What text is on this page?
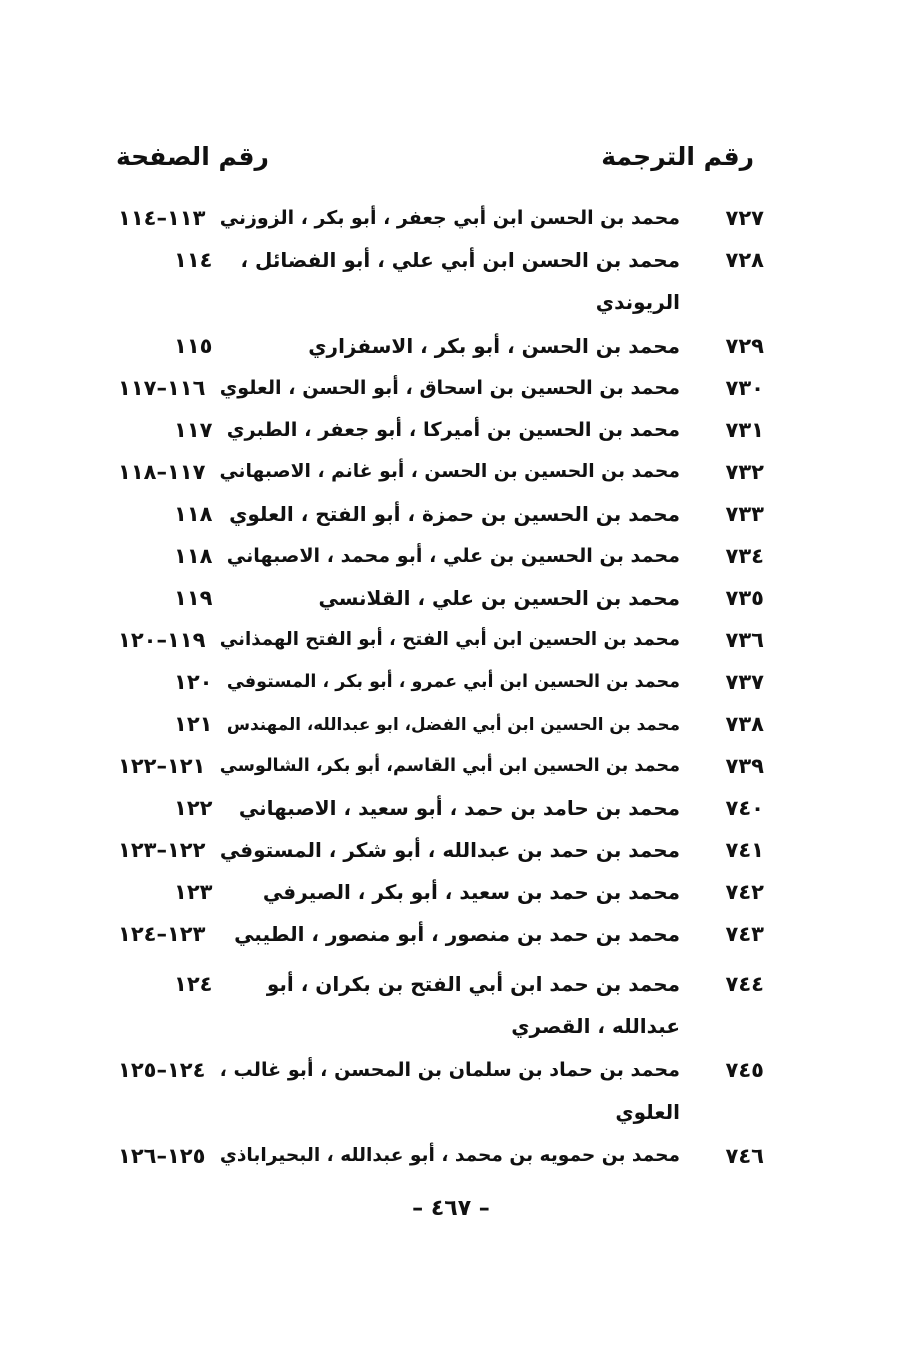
رقم الترجمة
رقم الصفحة
٧٢٧
محمد بن الحسن ابن أبي جعفر ، أبو بكر ، الزوزني
١١٣–١١٤
٧٢٨
محمد بن الحسن ابن أبي علي ، أبو الفضائل ،
الريوندي
١١٤
٧٢٩
محمد بن الحسن ، أبو بكر ، الاسفزاري
١١٥
٧٣٠
محمد بن الحسين بن اسحاق ، أبو الحسن ، العلوي
١١٦–١١٧
٧٣١
محمد بن الحسين بن أميركا ، أبو جعفر ، الطبري
١١٧
٧٣٢
محمد بن الحسين بن الحسن ، أبو غانم ، الاصبهاني
١١٧–١١٨
٧٣٣
محمد بن الحسين بن حمزة ، أبو الفتح ، العلوي
١١٨
٧٣٤
محمد بن الحسين بن علي ، أبو محمد ، الاصبهاني
١١٨
٧٣٥
محمد بن الحسين بن علي ، القلانسي
١١٩
٧٣٦
محمد بن الحسين ابن أبي الفتح ، أبو الفتح الهمذاني
١١٩–١٢٠
٧٣٧
محمد بن الحسين ابن أبي عمرو ، أبو بكر ، المستوفي
١٢٠
٧٣٨
محمد بن الحسين ابن أبي الفضل، ابو عبدالله، المهندس
١٢١
٧٣٩
محمد بن الحسين ابن أبي القاسم، أبو بكر، الشالوسي
١٢١–١٢٢
٧٤٠
محمد بن حامد بن حمد ، أبو سعيد ، الاصبهاني
١٢٢
٧٤١
محمد بن حمد بن عبدالله ، أبو شكر ، المستوفي
١٢٢–١٢٣
٧٤٢
محمد بن حمد بن سعيد ، أبو بكر ، الصيرفي
١٢٣
٧٤٣
محمد بن حمد بن منصور ، أبو منصور ، الطيبي
١٢٣–١٢٤
٧٤٤
محمد بن حمد ابن أبي الفتح بن بكران ، أبو
عبدالله ، القصري
١٢٤
٧٤٥
محمد بن حماد بن سلمان بن المحسن ، أبو غالب ،
العلوي
١٢٤–١٢٥
٧٤٦
محمد بن حمويه بن محمد ، أبو عبدالله ، البحيراباذي
١٢٥–١٢٦
– ٤٦٧ –
